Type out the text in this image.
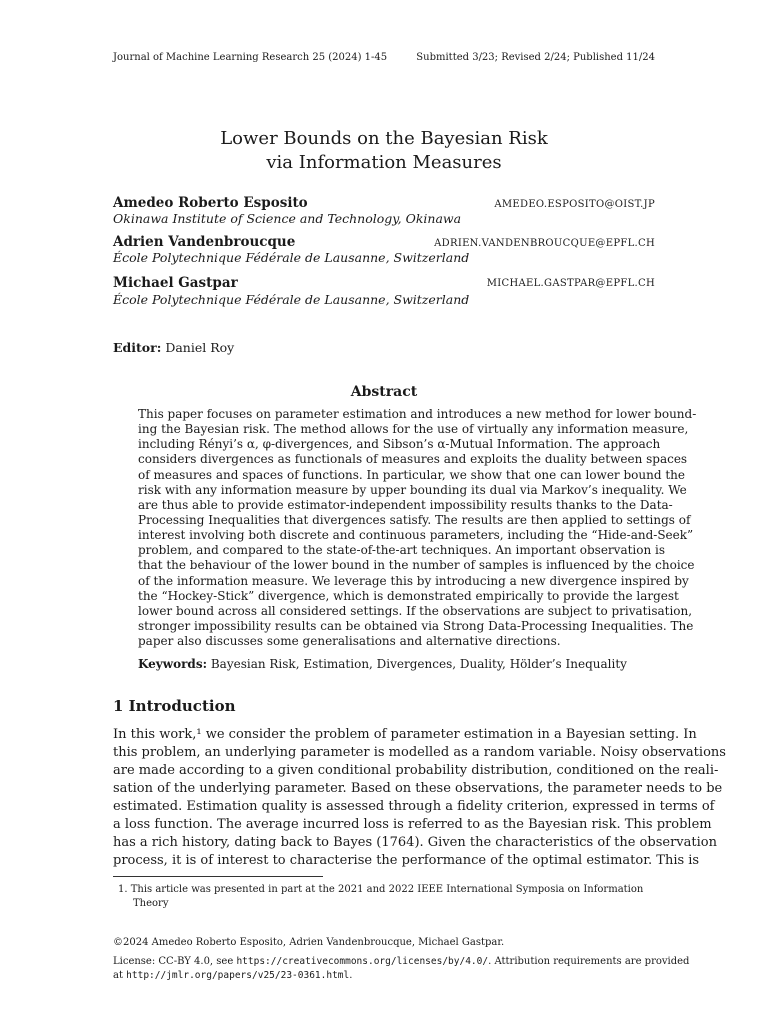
Journal of Machine Learning Research 25 (2024) 1-45	Submitted 3/23; Revised 2/24; Published 11/24
Lower Bounds on the Bayesian Risk
via Information Measures
Amedeo Roberto Esposito	AMEDEO.ESPOSITO@OIST.JP
Okinawa Institute of Science and Technology, Okinawa
Adrien Vandenbroucque	ADRIEN.VANDENBROUCQUE@EPFL.CH
École Polytechnique Fédérale de Lausanne, Switzerland
Michael Gastpar	MICHAEL.GASTPAR@EPFL.CH
École Polytechnique Fédérale de Lausanne, Switzerland
Editor: Daniel Roy
Abstract
This paper focuses on parameter estimation and introduces a new method for lower bound-
ing the Bayesian risk. The method allows for the use of virtually any information measure,
including Rényi’s α, φ-divergences, and Sibson’s α-Mutual Information. The approach
considers divergences as functionals of measures and exploits the duality between spaces
of measures and spaces of functions. In particular, we show that one can lower bound the
risk with any information measure by upper bounding its dual via Markov’s inequality. We
are thus able to provide estimator-independent impossibility results thanks to the Data-
Processing Inequalities that divergences satisfy. The results are then applied to settings of
interest involving both discrete and continuous parameters, including the “Hide-and-Seek”
problem, and compared to the state-of-the-art techniques. An important observation is
that the behaviour of the lower bound in the number of samples is influenced by the choice
of the information measure. We leverage this by introducing a new divergence inspired by
the “Hockey-Stick” divergence, which is demonstrated empirically to provide the largest
lower bound across all considered settings. If the observations are subject to privatisation,
stronger impossibility results can be obtained via Strong Data-Processing Inequalities. The
paper also discusses some generalisations and alternative directions.
Keywords: Bayesian Risk, Estimation, Divergences, Duality, Hölder’s Inequality
1 Introduction
In this work,¹ we consider the problem of parameter estimation in a Bayesian setting. In
this problem, an underlying parameter is modelled as a random variable. Noisy observations
are made according to a given conditional probability distribution, conditioned on the reali-
sation of the underlying parameter. Based on these observations, the parameter needs to be
estimated. Estimation quality is assessed through a fidelity criterion, expressed in terms of
a loss function. The average incurred loss is referred to as the Bayesian risk. This problem
has a rich history, dating back to Bayes (1764). Given the characteristics of the observation
process, it is of interest to characterise the performance of the optimal estimator. This is
1. This article was presented in part at the 2021 and 2022 IEEE International Symposia on Information
Theory
©2024 Amedeo Roberto Esposito, Adrien Vandenbroucque, Michael Gastpar.
License: CC-BY 4.0, see https://creativecommons.org/licenses/by/4.0/. Attribution requirements are provided
at http://jmlr.org/papers/v25/23-0361.html.
